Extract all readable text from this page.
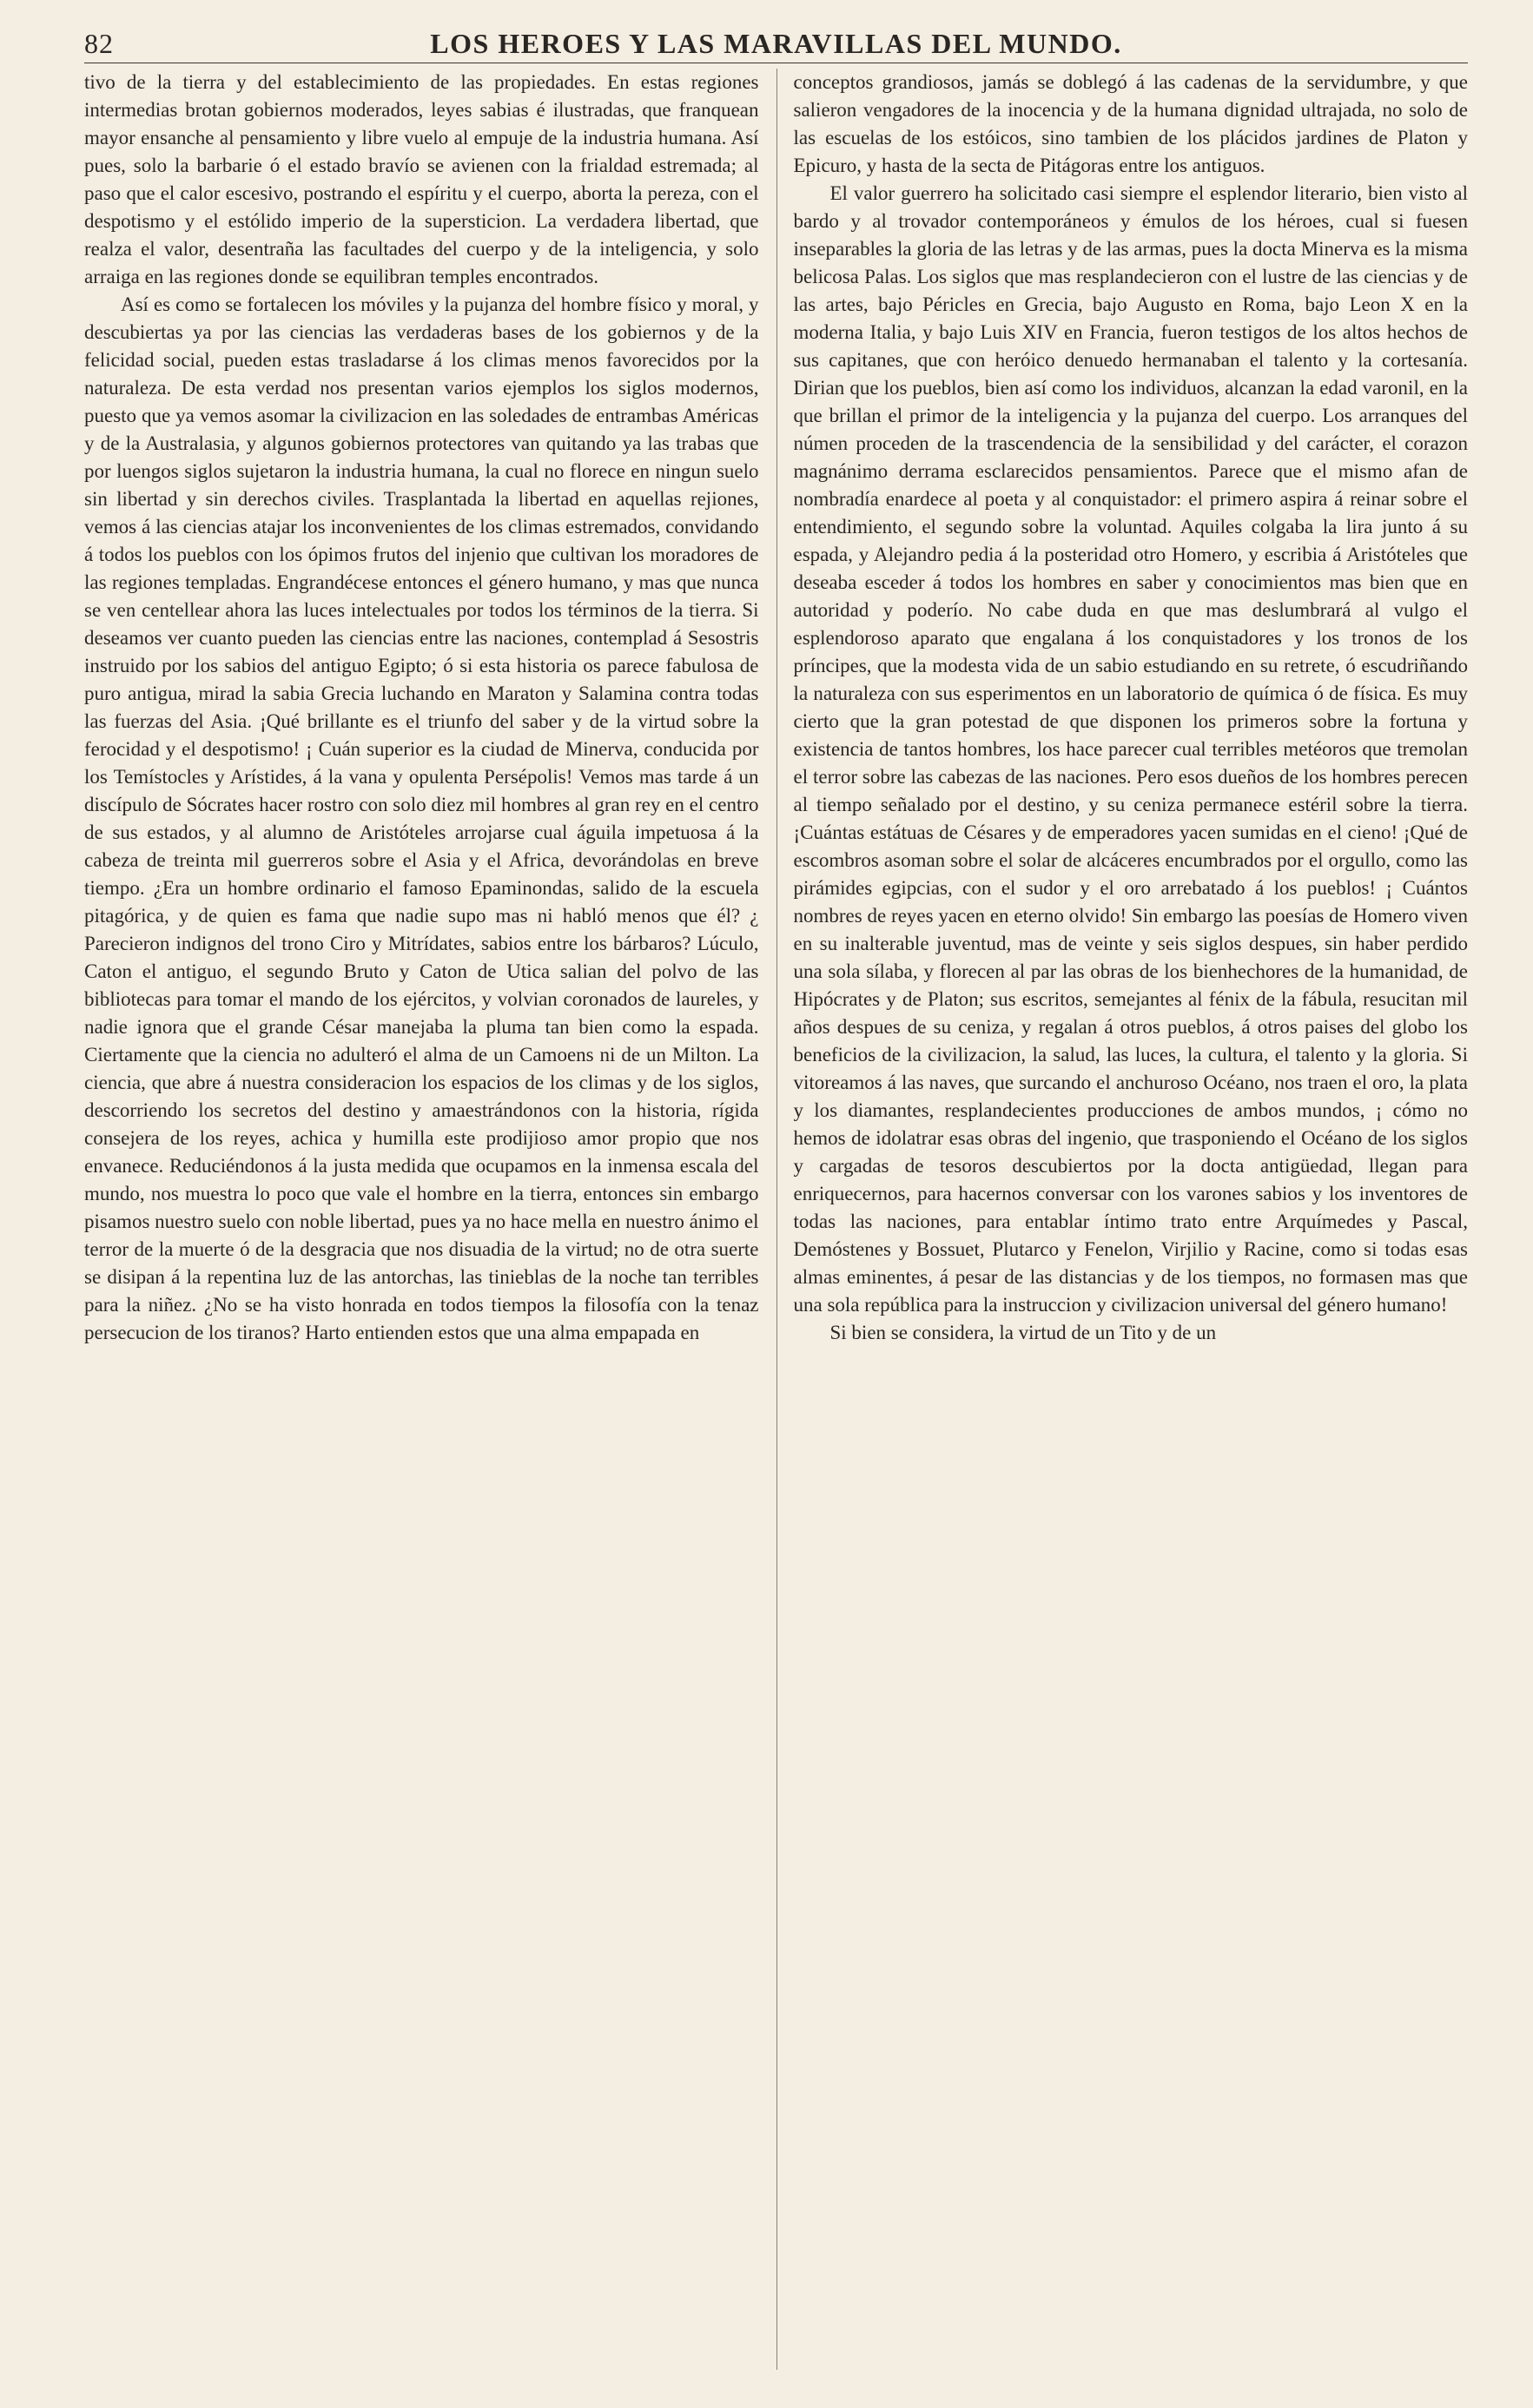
82	LOS HEROES Y LAS MARAVILLAS DEL MUNDO.

tivo de la tierra y del establecimiento de las propiedades. En estas regiones intermedias brotan gobiernos moderados, leyes sabias é ilustradas, que franquean mayor ensanche al pensamiento y libre vuelo al empuje de la industria humana. Así pues, solo la barbarie ó el estado bravío se avienen con la frialdad estremada; al paso que el calor escesivo, postrando el espíritu y el cuerpo, aborta la pereza, con el despotismo y el estólido imperio de la supersticion. La verdadera libertad, que realza el valor, desentraña las facultades del cuerpo y de la inteligencia, y solo arraiga en las regiones donde se equilibran temples encontrados.

Así es como se fortalecen los móviles y la pujanza del hombre físico y moral, y descubiertas ya por las ciencias las verdaderas bases de los gobiernos y de la felicidad social, pueden estas trasladarse á los climas menos favorecidos por la naturaleza. De esta verdad nos presentan varios ejemplos los siglos modernos, puesto que ya vemos asomar la civilizacion en las soledades de entrambas Américas y de la Australasia, y algunos gobiernos protectores van quitando ya las trabas que por luengos siglos sujetaron la industria humana, la cual no florece en ningun suelo sin libertad y sin derechos civiles. Trasplantada la libertad en aquellas rejiones, vemos á las ciencias atajar los inconvenientes de los climas estremados, convidando á todos los pueblos con los ópimos frutos del injenio que cultivan los moradores de las regiones templadas. Engrandécese entonces el género humano, y mas que nunca se ven centellear ahora las luces intelectuales por todos los términos de la tierra. Si deseamos ver cuanto pueden las ciencias entre las naciones, contemplad á Sesostris instruido por los sabios del antiguo Egipto; ó si esta historia os parece fabulosa de puro antigua, mirad la sabia Grecia luchando en Maraton y Salamina contra todas las fuerzas del Asia. ¡Qué brillante es el triunfo del saber y de la virtud sobre la ferocidad y el despotismo! ¡ Cuán superior es la ciudad de Minerva, conducida por los Temístocles y Arístides, á la vana y opulenta Persépolis! Vemos mas tarde á un discípulo de Sócrates hacer rostro con solo diez mil hombres al gran rey en el centro de sus estados, y al alumno de Aristóteles arrojarse cual águila impetuosa á la cabeza de treinta mil guerreros sobre el Asia y el Africa, devorándolas en breve tiempo. ¿Era un hombre ordinario el famoso Epaminondas, salido de la escuela pitagórica, y de quien es fama que nadie supo mas ni habló menos que él? ¿ Parecieron indignos del trono Ciro y Mitrídates, sabios entre los bárbaros? Lúculo, Caton el antiguo, el segundo Bruto y Caton de Utica salian del polvo de las bibliotecas para tomar el mando de los ejércitos, y volvian coronados de laureles, y nadie ignora que el grande César manejaba la pluma tan bien como la espada. Ciertamente que la ciencia no adulteró el alma de un Camoens ni de un Milton. La ciencia, que abre á nuestra consideracion los espacios de los climas y de los siglos, descorriendo los secretos del destino y amaestrándonos con la historia, rígida consejera de los reyes, achica y humilla este prodijioso amor propio que nos envanece. Reduciéndonos á la justa medida que ocupamos en la inmensa escala del mundo, nos muestra lo poco que vale el hombre en la tierra, entonces sin embargo pisamos nuestro suelo con noble libertad, pues ya no hace mella en nuestro ánimo el terror de la muerte ó de la desgracia que nos disuadia de la virtud; no de otra suerte se disipan á la repentina luz de las antorchas, las tinieblas de la noche tan terribles para la niñez. ¿No se ha visto honrada en todos tiempos la filosofía con la tenaz persecucion de los tiranos? Harto entienden estos que una alma empapada en

conceptos grandiosos, jamás se doblegó á las cadenas de la servidumbre, y que salieron vengadores de la inocencia y de la humana dignidad ultrajada, no solo de las escuelas de los estóicos, sino tambien de los plácidos jardines de Platon y Epicuro, y hasta de la secta de Pitágoras entre los antiguos.

El valor guerrero ha solicitado casi siempre el esplendor literario, bien visto al bardo y al trovador contemporáneos y émulos de los héroes, cual si fuesen inseparables la gloria de las letras y de las armas, pues la docta Minerva es la misma belicosa Palas. Los siglos que mas resplandecieron con el lustre de las ciencias y de las artes, bajo Péricles en Grecia, bajo Augusto en Roma, bajo Leon X en la moderna Italia, y bajo Luis XIV en Francia, fueron testigos de los altos hechos de sus capitanes, que con heróico denuedo hermanaban el talento y la cortesanía. Dirian que los pueblos, bien así como los individuos, alcanzan la edad varonil, en la que brillan el primor de la inteligencia y la pujanza del cuerpo. Los arranques del númen proceden de la trascendencia de la sensibilidad y del carácter, el corazon magnánimo derrama esclarecidos pensamientos. Parece que el mismo afan de nombradía enardece al poeta y al conquistador: el primero aspira á reinar sobre el entendimiento, el segundo sobre la voluntad. Aquiles colgaba la lira junto á su espada, y Alejandro pedia á la posteridad otro Homero, y escribia á Aristóteles que deseaba esceder á todos los hombres en saber y conocimientos mas bien que en autoridad y poderío. No cabe duda en que mas deslumbrará al vulgo el esplendoroso aparato que engalana á los conquistadores y los tronos de los príncipes, que la modesta vida de un sabio estudiando en su retrete, ó escudriñando la naturaleza con sus esperimentos en un laboratorio de química ó de física. Es muy cierto que la gran potestad de que disponen los primeros sobre la fortuna y existencia de tantos hombres, los hace parecer cual terribles metéoros que tremolan el terror sobre las cabezas de las naciones. Pero esos dueños de los hombres perecen al tiempo señalado por el destino, y su ceniza permanece estéril sobre la tierra. ¡Cuántas estátuas de Césares y de emperadores yacen sumidas en el cieno! ¡Qué de escombros asoman sobre el solar de alcáceres encumbrados por el orgullo, como las pirámides egipcias, con el sudor y el oro arrebatado á los pueblos! ¡ Cuántos nombres de reyes yacen en eterno olvido! Sin embargo las poesías de Homero viven en su inalterable juventud, mas de veinte y seis siglos despues, sin haber perdido una sola sílaba, y florecen al par las obras de los bienhechores de la humanidad, de Hipócrates y de Platon; sus escritos, semejantes al fénix de la fábula, resucitan mil años despues de su ceniza, y regalan á otros pueblos, á otros paises del globo los beneficios de la civilizacion, la salud, las luces, la cultura, el talento y la gloria. Si vitoreamos á las naves, que surcando el anchuroso Océano, nos traen el oro, la plata y los diamantes, resplandecientes producciones de ambos mundos, ¡ cómo no hemos de idolatrar esas obras del ingenio, que trasponiendo el Océano de los siglos y cargadas de tesoros descubiertos por la docta antigüedad, llegan para enriquecernos, para hacernos conversar con los varones sabios y los inventores de todas las naciones, para entablar íntimo trato entre Arquímedes y Pascal, Demóstenes y Bossuet, Plutarco y Fenelon, Virjilio y Racine, como si todas esas almas eminentes, á pesar de las distancias y de los tiempos, no formasen mas que una sola república para la instruccion y civilizacion universal del género humano!

Si bien se considera, la virtud de un Tito y de un
